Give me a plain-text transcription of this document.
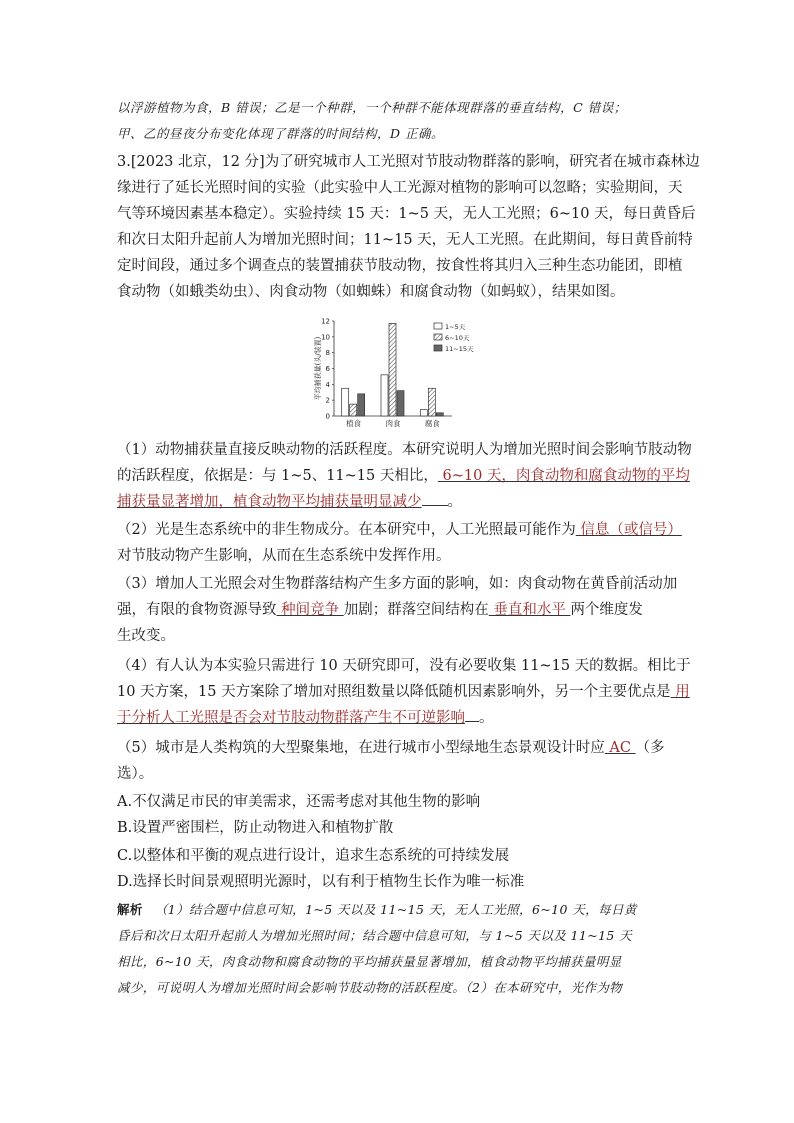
以浮游植物为食，B 错误；乙是一个种群，一个种群不能体现群落的垂直结构，C 错误；

甲、乙的昼夜分布变化体现了群落的时间结构，D 正确。

3.[2023 北京，12 分]为了研究城市人工光照对节肢动物群落的影响，研究者在城市森林边

缘进行了延长光照时间的实验（此实验中人工光源对植物的影响可以忽略；实验期间，天

气等环境因素基本稳定）。实验持续 15 天：1~5 天，无人工光照；6~10 天，每日黄昏后

和次日太阳升起前人为增加光照时间；11~15 天，无人工光照。在此期间，每日黄昏前特

定时间段，通过多个调查点的装置捕获节肢动物，按食性将其归入三种生态功能团，即植

食动物（如蛾类幼虫）、肉食动物（如蜘蛛）和腐食动物（如蚂蚁），结果如图。

0
2
4
6
8
10
12
平均捕获量(头/装置)
植食	肉食	腐食
1~5天
6~10天
11~15天

（1）动物捕获量直接反映动物的活跃程度。本研究说明人为增加光照时间会影响节肢动物

的活跃程度，依据是：与 1~5、11~15 天相比， 6~10 天，肉食动物和腐食动物的平均

捕获量显著增加，植食动物平均捕获量明显减少 。

（2）光是生态系统中的非生物成分。在本研究中，人工光照最可能作为 信息（或信号）

对节肢动物产生影响，从而在生态系统中发挥作用。

（3）增加人工光照会对生物群落结构产生多方面的影响，如：肉食动物在黄昏前活动加

强，有限的食物资源导致 种间竞争 加剧；群落空间结构在 垂直和水平 两个维度发

生改变。

（4）有人认为本实验只需进行 10 天研究即可，没有必要收集 11~15 天的数据。相比于

10 天方案，15 天方案除了增加对照组数量以降低随机因素影响外，另一个主要优点是 用

于分析人工光照是否会对节肢动物群落产生不可逆影响 。

（5）城市是人类构筑的大型聚集地，在进行城市小型绿地生态景观设计时应 AC （多

选）。

A.不仅满足市民的审美需求，还需考虑对其他生物的影响

B.设置严密围栏，防止动物进入和植物扩散

C.以整体和平衡的观点进行设计，追求生态系统的可持续发展

D.选择长时间景观照明光源时，以有利于植物生长作为唯一标准

解析 （1）结合题中信息可知，1~5 天以及 11~15 天，无人工光照，6~10 天，每日黄

昏后和次日太阳升起前人为增加光照时间；结合题中信息可知，与 1~5 天以及 11~15 天

相比，6~10 天，肉食动物和腐食动物的平均捕获量显著增加，植食动物平均捕获量明显

减少，可说明人为增加光照时间会影响节肢动物的活跃程度。（2）在本研究中，光作为物
